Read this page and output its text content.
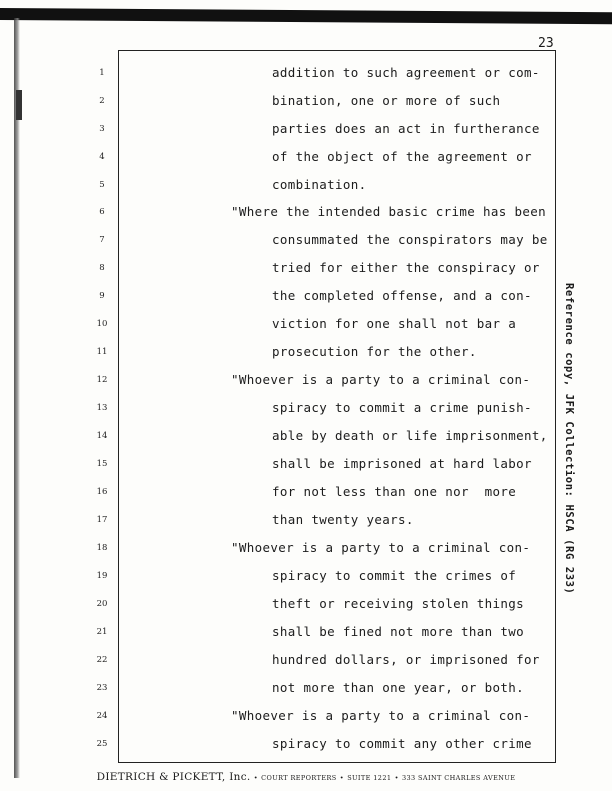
23
1
2
3
4
5
6
7
8
9
10
11
12
13
14
15
16
17
18
19
20
21
22
23
24
25
addition to such agreement or com-
bination, one or more of such
parties does an act in furtherance
of the object of the agreement or
combination.
"Where the intended basic crime has been
consummated the conspirators may be
tried for either the conspiracy or
the completed offense, and a con-
viction for one shall not bar a
prosecution for the other.
"Whoever is a party to a criminal con-
spiracy to commit a crime punish-
able by death or life imprisonment,
shall be imprisoned at hard labor
for not less than one nor  more
than twenty years.
"Whoever is a party to a criminal con-
spiracy to commit the crimes of
theft or receiving stolen things
shall be fined not more than two
hundred dollars, or imprisoned for
not more than one year, or both.
"Whoever is a party to a criminal con-
spiracy to commit any other crime
Reference copy, JFK Collection: HSCA (RG 233)
DIETRICH & PICKETT, Inc. • COURT REPORTERS • SUITE 1221 • 333 SAINT CHARLES AVENUE
